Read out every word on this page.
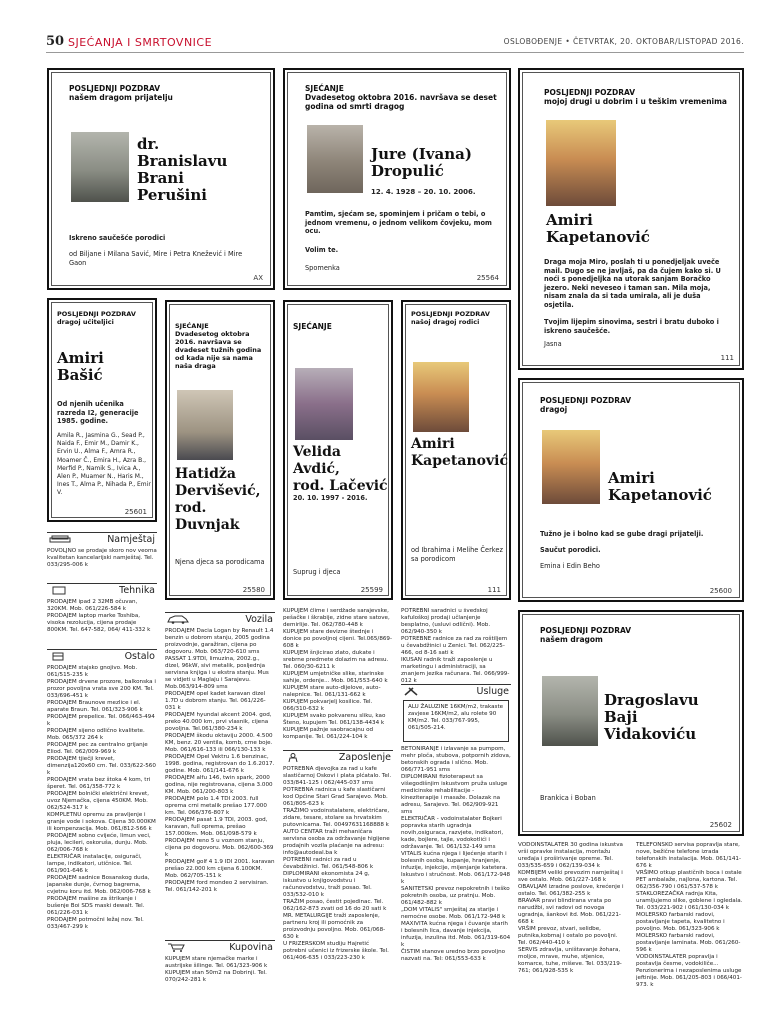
50 SJEĆANJA I SMRTOVNICE	OSLOBOĐENJE • ČETVRTAK, 20. OKTOBAR/LISTOPAD 2016.
POSLJEDNJI POZDRAV
našem dragom prijatelju
dr.
Branislavu
Brani
Perušini
Iskreno saučešće porodici
od Biljane i Milana Savić, Mire i Petra Knežević i Mire Gaon
AX
SJEĆANJE
Dvadesetog oktobra 2016. navršava se deset godina od smrti dragog
Jure (Ivana)
Dropulić
12. 4. 1928 – 20. 10. 2006.
Pamtim, sjećam se, spominjem i pričam o tebi, o jednom vremenu, o jednom velikom čovjeku, mom ocu.
Volim te.
Spomenka
25564
POSLJEDNJI POZDRAV
mojoj drugi u dobrim i u teškim vremenima
Amiri
Kapetanović
Draga moja Miro, poslah ti u ponedjeljak uveče mail. Dugo se ne javljaš, pa da čujem kako si. U noći s ponedjeljka na utorak sanjam Boračko jezero. Neki neveseo i taman san. Mila moja, nisam znala da si tada umirala, ali je duša osjetila.
Tvojim lijepim sinovima, sestri i bratu duboko i iskreno saučešće.
Jasna
111
POSLJEDNJI POZDRAV
dragoj učiteljici
Amiri
Bašić
Od njenih učenika razreda I2, generacije 1985. godine.
Amila R., Jasmina G., Sead P., Naida F., Emir M., Damir K., Ervin U., Alma F., Amra R., Moamer Č., Emira H., Azra B., Merfid P., Namik S., Ivica A., Alen P., Muamer N., Haris M., Ines T., Alma P., Nihada P., Emir V.
25601
SJEĆANJE
Dvadesetog oktobra 2016. navršava se dvadeset tužnih godina od kada nije sa nama naša draga
Hatidža
Dervišević,
rod. Duvnjak
Njena djeca sa porodicama
25580
SJEĆANJE
Velida
Avdić,
rod. Lačević
20. 10. 1997 - 2016.
Suprug i djeca
25599
POSLJEDNJI POZDRAV
našoj dragoj rodici
Amiri
Kapetanović
od Ibrahima i Melihe Čerkez sa porodicom
111
POSLJEDNJI POZDRAV
dragoj
Amiri
Kapetanović
Tužno je i bolno kad se gube dragi prijatelji.
Saučut porodici.
Emina i Edin Beho
25600
POSLJEDNJI POZDRAV
našem dragom
Dragoslavu
Baji
Vidakoviću
Brankica i Boban
25602
Namještaj
POVOLJNO se prodaje skoro nov veoma kvalitetan kancelarijski namještaj. Tel. 033/295-006 k
Tehnika
PRODAJEM ipad 2 32MB očuvan, 320KM. Mob. 061/226-584 k
PRODAJEM laptop marke Toshiba, visoka rezolucija, cijena prodaje 800KM. Tel. 647-582, 064/ 411-332 k
Ostalo
PRODAJEM stajsko gnojivo. Mob. 061/515-235 k
PRODAJEM drvene prozore, balkonska i prozor povoljna vrata sve 200 KM. Tel. 033/696-451 k
PRODAJEM Braunove mezlice i el. aparate Braun. Tel. 061/323-906 k
PRODAJEM prepelice. Tel. 066/463-494 k
PRODAJEM sijeno odlično kvalitete. Mob. 065/372 264 k
PRODAJEM pec za centralno grijanje Eliod. Tel. 062/009-969 k
PRODAJEM tjiečji krevet, dimenzija120x60 cm. Tel. 033/622-560 k
PRODAJEM vrata bez štoka 4 kom, tri šperet. Tel. 061/358-772 k
PRODAJEM bolnički električni krevet, uvoz Njemačka, cijena 450KM. Mob. 062/524-317 k
KOMPLETNU opremu za pravljenje i granje vode i sokova. Cijena 30.000KM ili kompenzacija. Mob. 061/812-566 k
PRODAJEM sobno cvijeće, limun veci, pluja, lecileri, oskoruša, dunju. Mob. 062/006-768 k
ELEKTRIČAR instalacije, osigurači, lampe, indikatori, utičnice. Tel. 061/901-646 k
PRODAJEM sadnice Bosanskog duda, japanske dunje, čvrnog bagrema, cvjetnu koru itd. Mob. 062/006-768 k
PRODAJEM mašine za štrikanje i bušenje Boi SDS maski dewalt. Tel. 061/226-031 k
PRODAJEM potmočni ležaj nov. Tel. 033/467-299 k
Vozila
PRODAJEM Dacia Logan by Renault 1.4 benzin u dobrom stanju, 2005 godina proizvodnje, garažiran, cijena po dogovoru. Mob. 063/720-610 sms
PASSAT 1.9TDI, limuzina, 2002.g., dizel, 96kW, sivi metalik, posljednja servisna knjiga i u ekstra stanju. Mus se vidjeti u Maglaju i Sarajevu. Mob.063/914-809 sms
PRODAJEM opel kadet karavan dizel 1.7D u dobrom stanju. Tel. 061/226-031 k
PRODAJEM hyundai akcent 2004. god, preko 40.000 km, prvi vlasnik, cijena povoljna. Tel.061/380-234 k
PRODAJEM škodu oktaviju 2000. 4.500 KM, benz. 20 ventila, komb, crne boje. Mob. 061/616-133 ili 066/130-133 k
PRODAJEM Opel Vektru 1.6 benzinac, 1998. godina, registrovan do 1.6.2017. godine. Mob. 061/141-676 k
PRODAJEM alfu 146, twin spark, 2000 godina, nije registrovana, cijena 3.000 KM. Mob. 061/200-803 k
PRODAJEM polo 1.4 TDI 2003. full oprema crni metalik prešao 177.000 km. Tel. 066/376-807 k
PRODAJEM pasat 1.9 TDI, 2003. god, karavan, full oprema, prešao 157.000km. Mob. 061/098-579 k
PRODAJEM reno 5 u voznom stanju, cijena po dogovoru. Mob. 062/600-369 k
PRODAJEM golf 4 1.9 IDI 2001. karavan prešao 22.000 km cijena 6.100KM. Mob. 062/705-151 k
PRODAJEM ford mondeo 2 servisiran. Tel. 061/142-201 k
Kupovina
KUPUJEM stare njemačke marke i austrijske šilinge. Tel. 061/323-906 k
KUPUJEM stan 50m2 na Dobrinji. Tel. 070/242-281 k
KUPUJEM člime i serdžade sarajevske, pešačke i škrabije, zidne stare satove, demirlije. Tel. 062/780-448 k
KUPUJEM stare devizne štednje i donice po povoljnoj cijeni. Tel.065/869-608 k
KUPUJEM šnjicirao zlato, dukate i srebrne predmete dolazim na adresu. Tel. 060/30-6211 k
KUPUJEM umjetničke slike, starinske sahije, ordenje... Mob. 061/553-640 k
KUPUJEM stare auto-dijelove, auto-nalepnice. Tel. 061/131-662 k
KUPUJEM pokvarjelj kosilice. Tel. 066/310-632 k
KUPUJEM svako pokvarenu sliku, kao Šteno, kupujem Tel. 061/138-4434 k
KUPUJEM pažnje saobracajnu od kompanije. Tel. 061/224-104 k
Zaposlenje
POTREBNA djevojka za rad u kafe slastičarnoj Oskovi i plata plćatalo. Tel. 033/841-125 i 062/445-037 sms
POTREBNA radnica u kafe slastičarni kod Općine Stari Grad Sarajevo. Mob. 061/805-623 k
TRAŽIMO vodoinstalatere, električare, zidare, tesare, stolare sa hrvatskim putovnicama. Tel. 00497631168888 k
AUTO CENTAR traži mehaničara servisna osoba za održavanje higijene prodajnih vozila plaćanje na adresu: info@autodeal.ba k
POTREBNI radnici za rad u čevabdžinici. Tel. 061/548-806 k
DIPLOMIRANI ekonomista 24 g, iskustvo u knjigovodstvu i računovodstvu, traži posao. Tel. 033/532-010 k
TRAŽIM posao, čestit pojedinac. Tel. 062/162-873 zvati od 16 do 20 sati k
MR. METALURGIJE traži zaposlenje, partneru kroj ili pomoćnik za proizvodnju povoljno. Mob. 061/068-630 k
U FRIZERSKOM studiju Hajretić potrebni učenici iz frizerske škole. Tel. 061/406-635 i 033/223-230 k
POTREBNI saradnici u švedskoj kafuloškoj prodaji učlanjenje besplatno, (usluvi odlični). Mob. 062/940-350 k
POTREBNE radnice za rad za roštiljem u čevabdžinici u Zenici. Tel. 062/225-466, od 8-16 sati k
IKUSAN radnik traži zaposlenje u marketingu i administraciji, sa znanjem jezika računara. Tel. 066/999-012 k
Usluge
ALU ŽALUZINE 16KM/m2, trakaste zavjese 16KM/m2, alu rolete 90 KM/m2. Tel. 033/767-995, 061/505-214.
BETONIRANJE i izlavanje sa pumpom, mehr ploča, stubova, potpornih zidova, betonskih ograda i slično. Mob. 066/771-951 sms
DIPLOMIRANI fizioterapeut sa višegodišnjim iskustvom pruža usluge medicinske rehabilitacije - kineziterapije i masaže. Dolazak na adresu, Sarajevo. Tel. 062/909-921 sms
ELEKTRIČAR - vodoinstalater Bojkeri popravka starih ugradnja novih,osiguraca, razvjete, indikatori, kade, bojlere, tajle, vodokotlići i održavanje. Tel. 061/132-149 sms
VITALIS kućna njega i lijećenje starih i bolesnih osoba, kupanje, hranjenje, infuzije, injekcije, mijenjanje katetera. Iskustvo i stručnost. Mob. 061/172-948 k
SANITETSKI prevoz nepokretnih i teško pokretnih osoba, uz pratnju. Mob. 061/482-882 k
„DOM VITALIS" smještaj za starije i nemoćne osobe. Mob. 061/172-948 k
MAXIVITA kućna njega i čuvanje starih i bolesnih lica, davanje injekcija, infuzija, inzulina itd. Mob. 061/319-604 k
ČISTIM stanove uredno brzo povoljno nazvati na. Tel: 061/553-633 k
VODOINSTALATER 30 godina iskustva vrši opravke instalacija, montažu uređaja i proširivanje opreme. Tel. 033/535-659 i 062/139-034 k
KOMBIJEM veliki prevozim namještaj i sve ostalo. Mob. 061/227-168 k
OBAVLJAM izradne poslove, krećenje i ostalo. Tel. 061/382-255 k
BRAVAR pravi blindirana vrata po narudžbi, svi radovi od novoga ugradnja, šankovi itd. Mob. 061/221-668 k
VRŠIM prevoz, stvari, selidbe, putnika,kobmaj i ostalo po povoljni. Tel. 062/440-410 k
SERVIS zdravlja, uništavanje žohara, moljce, mrave, muhe, stjenice, komarce, tuhe, miševe. Tel. 033/219-761; 061/928-535 k
TELEFONSKO servisa popravlja stare, nove, bežične telefone izrada telefonskih instalacija. Mob. 061/141-676 k
VRŠIMO otkup plastičnih boca i ostale PET ambalaže, najlona, kartona. Tel. 062/356-790 i 061/537-578 k
STAKLOREZAČKA radnja Kita, uramljujemo slike, goblene i ogledala. Tel. 033/221-902 i 061/130-034 k
MOLERSKO farbarski radovi, postavljanje tapeta, kvalitetno i povoljno. Mob. 061/323-906 k
MOLERSKO farbarski radovi, postavljanje laminata. Mob. 061/260-596 k
VODOINSTALATER popravlja i postavlja česme, vodokiliče... Penzionerima i nezaposlenima usluge jeftinije. Mob. 061/205-803 i 066/401-973. k
